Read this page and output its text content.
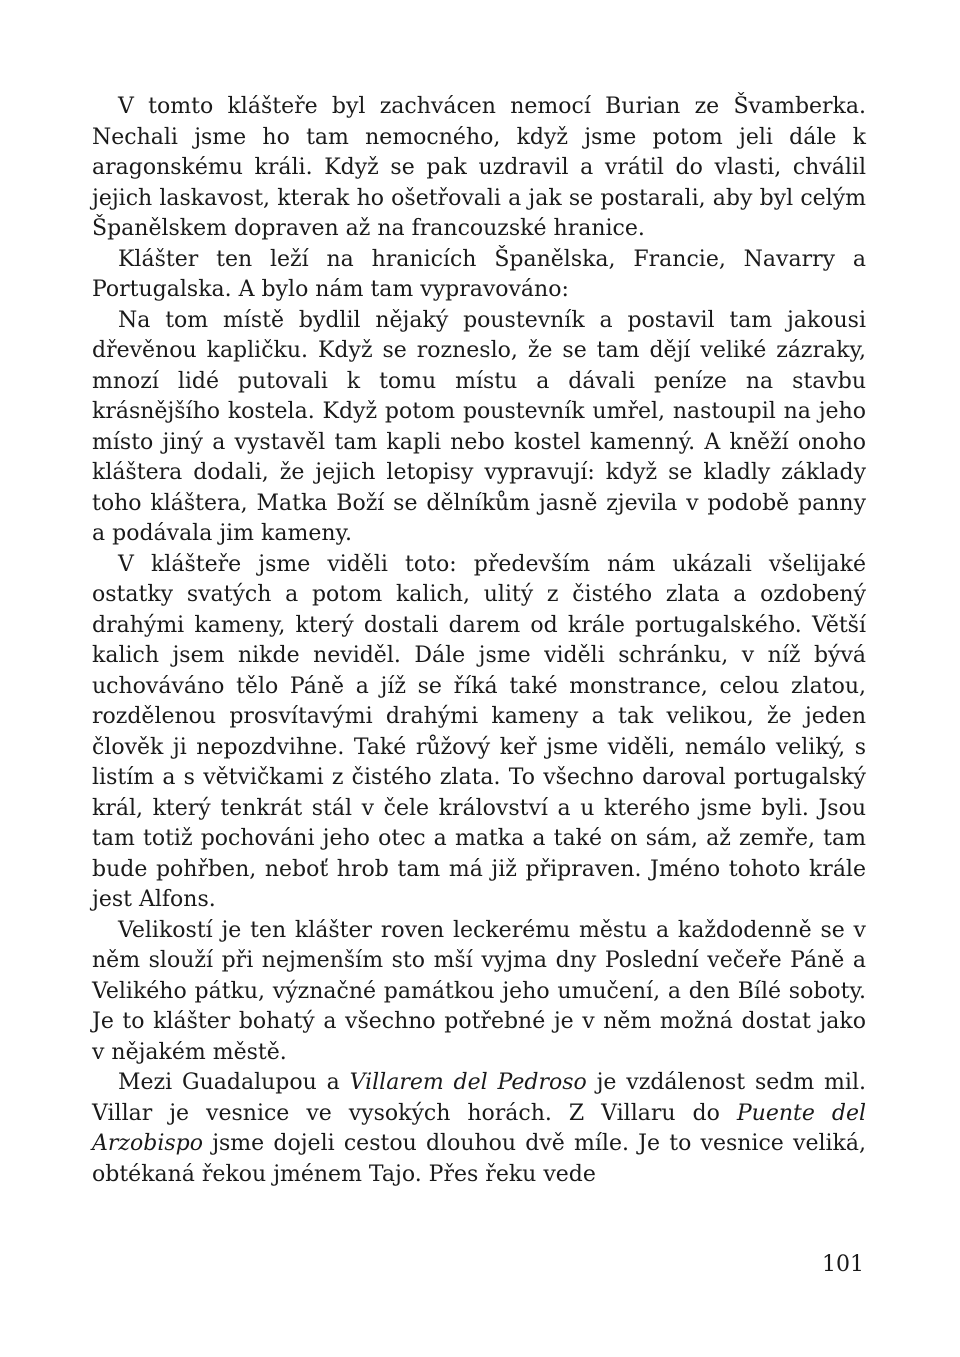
V tomto klášteře byl zachvácen nemocí Burian ze Švamberka. Nechali jsme ho tam nemocného, když jsme potom jeli dále k aragonskému králi. Když se pak uzdravil a vrátil do vlasti, chválil jejich laskavost, kterak ho ošetřovali a jak se postarali, aby byl celým Španělskem dopraven až na francouzské hranice.

Klášter ten leží na hranicích Španělska, Francie, Navarry a Portugalska. A bylo nám tam vypravováno:

Na tom místě bydlil nějaký poustevník a postavil tam jakousi dřevěnou kapličku. Když se rozneslo, že se tam dějí veliké zázraky, mnozí lidé putovali k tomu místu a dávali peníze na stavbu krásnějšího kostela. Když potom poustevník umřel, nastoupil na jeho místo jiný a vystavěl tam kapli nebo kostel kamenný. A kněží onoho kláštera dodali, že jejich letopisy vypravují: když se kladly základy toho kláštera, Matka Boží se dělníkům jasně zjevila v podobě panny a podávala jim kameny.

V klášteře jsme viděli toto: především nám ukázali všelijaké ostatky svatých a potom kalich, ulitý z čistého zlata a ozdobený drahými kameny, který dostali darem od krále portugalského. Větší kalich jsem nikde neviděl. Dále jsme viděli schránku, v níž bývá uchováváno tělo Páně a jíž se říká také monstrance, celou zlatou, rozdělenou prosvítavými drahými kameny a tak velikou, že jeden člověk ji nepozdvihne. Také růžový keř jsme viděli, nemálo veliký, s listím a s větvičkami z čistého zlata. To všechno daroval portugalský král, který tenkrát stál v čele království a u kterého jsme byli. Jsou tam totiž pochováni jeho otec a matka a také on sám, až zemře, tam bude pohřben, neboť hrob tam má již připraven. Jméno tohoto krále jest Alfons.

Velikostí je ten klášter roven leckerému městu a každodenně se v něm slouží při nejmenším sto mší vyjma dny Poslední večeře Páně a Velikého pátku, význačné památkou jeho umučení, a den Bílé soboty. Je to klášter bohatý a všechno potřebné je v něm možná dostat jako v nějakém městě.

Mezi Guadalupou a Villarem del Pedroso je vzdálenost sedm mil. Villar je vesnice ve vysokých horách. Z Villaru do Puente del Arzobispo jsme dojeli cestou dlouhou dvě míle. Je to vesnice veliká, obtékaná řekou jménem Tajo. Přes řeku vede

101
